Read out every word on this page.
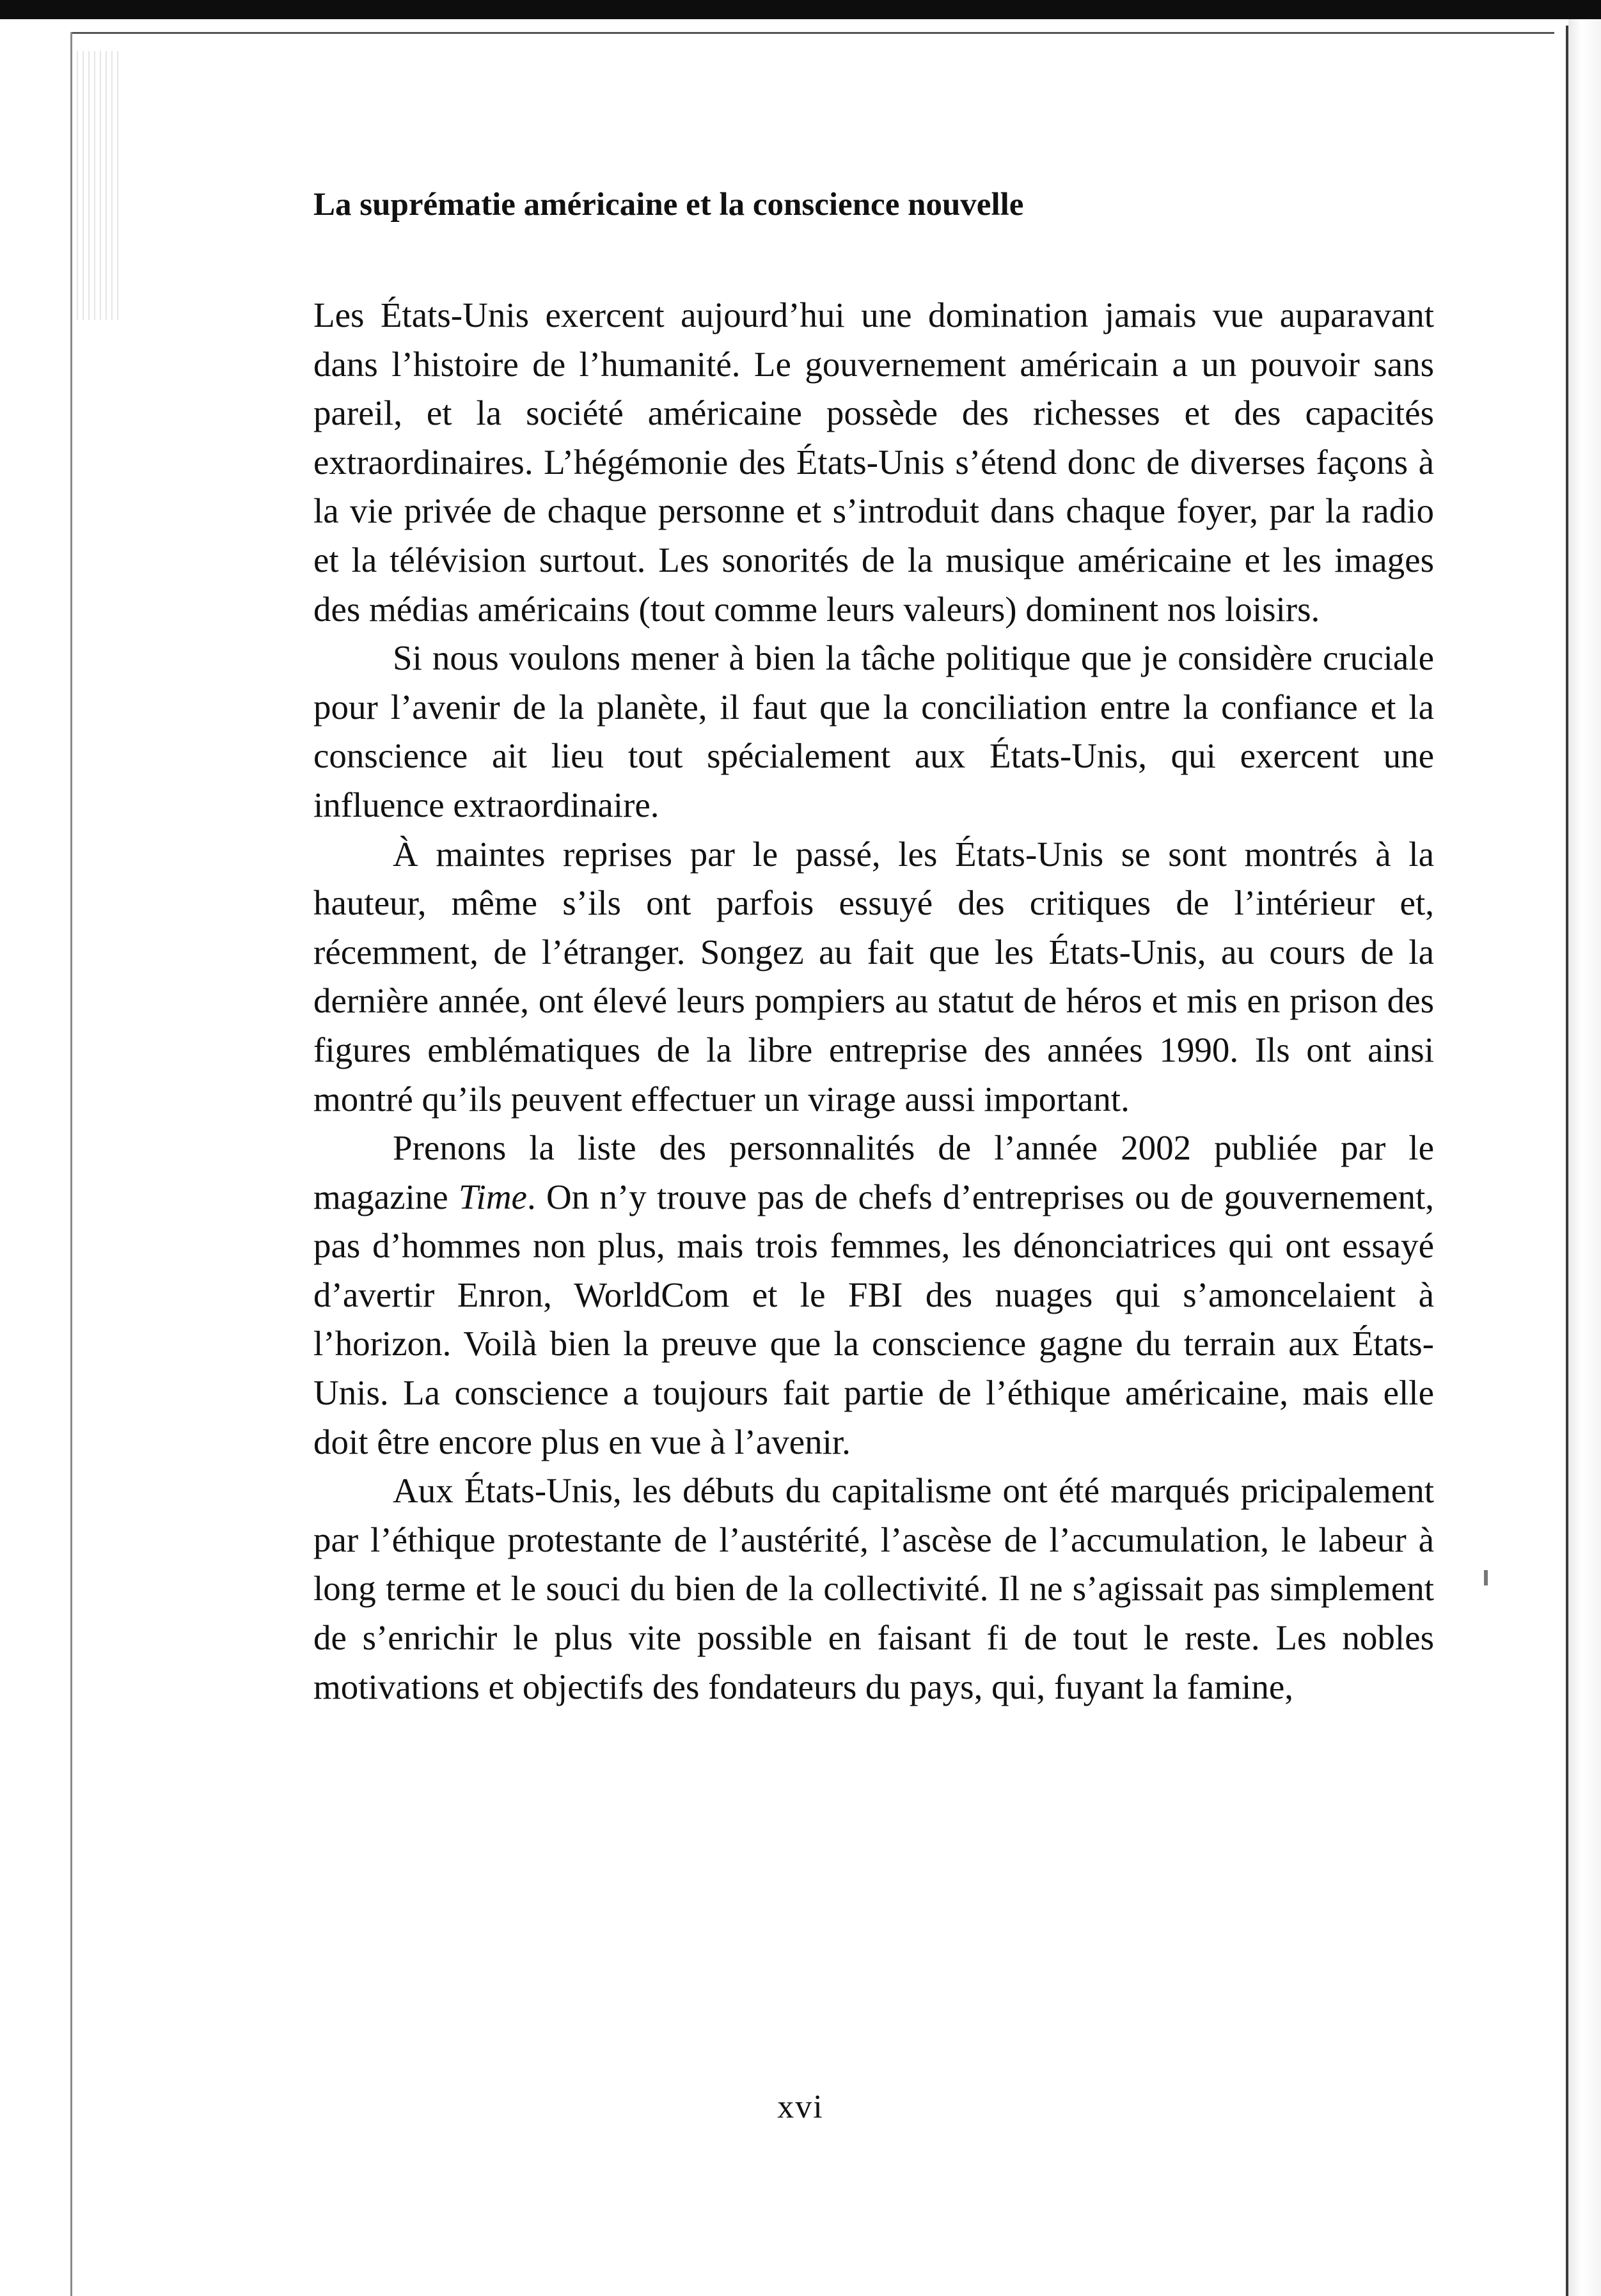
La suprématie américaine et la conscience nouvelle

Les États-Unis exercent aujourd’hui une domination jamais vue auparavant dans l’histoire de l’humanité. Le gouvernement américain a un pouvoir sans pareil, et la société américaine possède des richesses et des capacités extraordinaires. L’hégémonie des États-Unis s’étend donc de diverses façons à la vie privée de chaque personne et s’introduit dans chaque foyer, par la radio et la télévision surtout. Les sonorités de la musique américaine et les images des médias américains (tout comme leurs valeurs) dominent nos loisirs.

Si nous voulons mener à bien la tâche politique que je considère cruciale pour l’avenir de la planète, il faut que la conciliation entre la confiance et la conscience ait lieu tout spécialement aux États-Unis, qui exercent une influence extraordinaire.

À maintes reprises par le passé, les États-Unis se sont montrés à la hauteur, même s’ils ont parfois essuyé des critiques de l’intérieur et, récemment, de l’étranger. Songez au fait que les États-Unis, au cours de la dernière année, ont élevé leurs pompiers au statut de héros et mis en prison des figures emblématiques de la libre entreprise des années 1990. Ils ont ainsi montré qu’ils peuvent effectuer un virage aussi important.

Prenons la liste des personnalités de l’année 2002 publiée par le magazine Time. On n’y trouve pas de chefs d’entreprises ou de gouvernement, pas d’hommes non plus, mais trois femmes, les dénonciatrices qui ont essayé d’avertir Enron, WorldCom et le FBI des nuages qui s’amoncelaient à l’horizon. Voilà bien la preuve que la conscience gagne du terrain aux États-Unis. La conscience a toujours fait partie de l’éthique américaine, mais elle doit être encore plus en vue à l’avenir.

Aux États-Unis, les débuts du capitalisme ont été marqués pricipalement par l’éthique protestante de l’austérité, l’ascèse de l’accumulation, le labeur à long terme et le souci du bien de la collectivité. Il ne s’agissait pas simplement de s’enrichir le plus vite possible en faisant fi de tout le reste. Les nobles motivations et objectifs des fondateurs du pays, qui, fuyant la famine,

xvi
